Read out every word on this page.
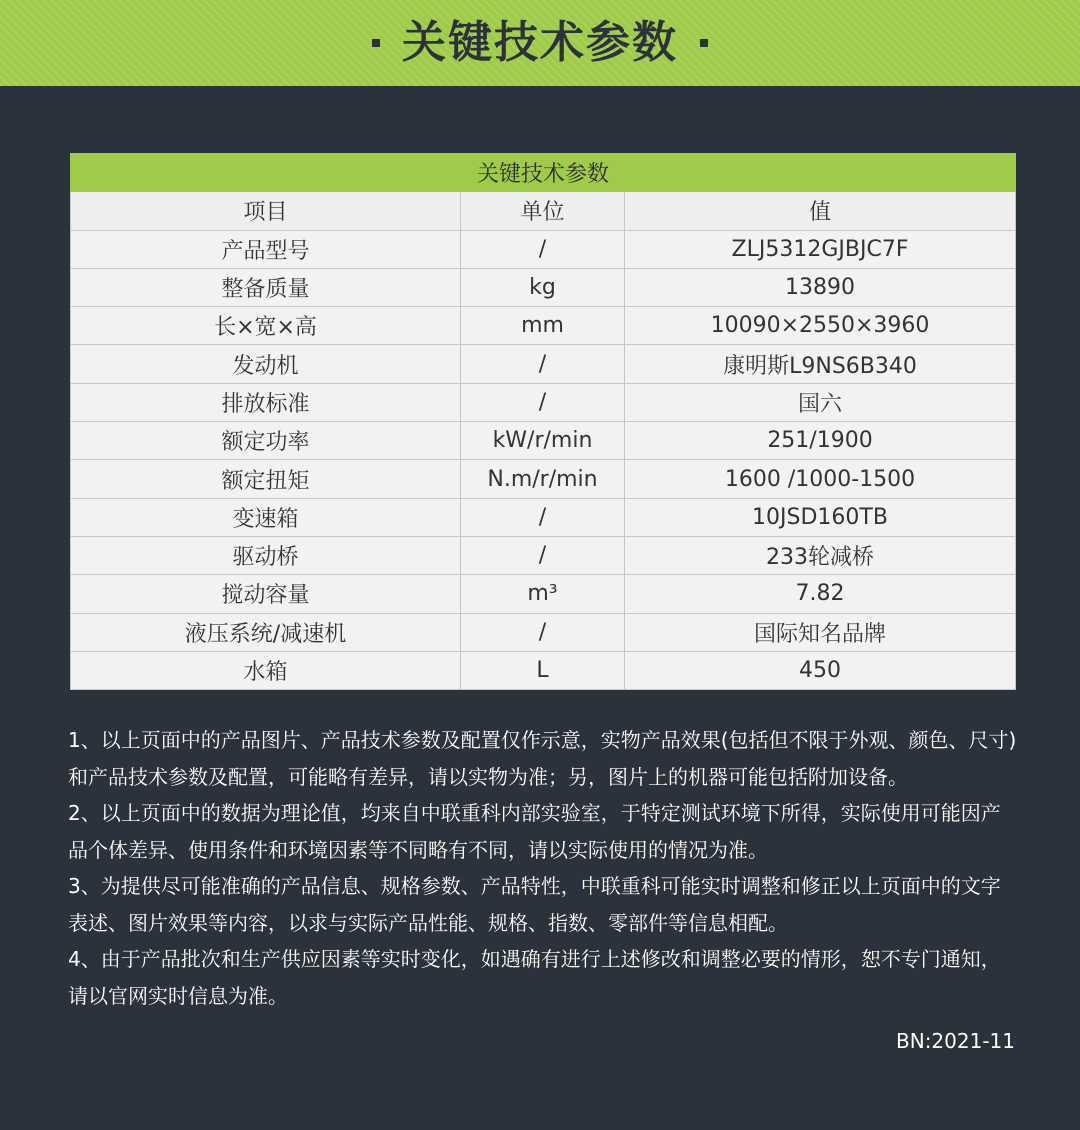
关键技术参数
关键技术参数		
项目	单位	值
产品型号	/	ZLJ5312GJBJC7F
整备质量	kg	13890
长×宽×高	mm	10090×2550×3960
发动机	/	康明斯L9NS6B340
排放标准	/	国六
额定功率	kW/r/min	251/1900
额定扭矩	N.m/r/min	1600 /1000-1500
变速箱	/	10JSD160TB
驱动桥	/	233轮减桥
搅动容量	m³	7.82
液压系统/减速机	/	国际知名品牌
水箱	L	450

1、以上页面中的产品图片、产品技术参数及配置仅作示意，实物产品效果(包括但不限于外观、颜色、尺寸)和产品技术参数及配置，可能略有差异，请以实物为准；另，图片上的机器可能包括附加设备。

2、以上页面中的数据为理论值，均来自中联重科内部实验室，于特定测试环境下所得，实际使用可能因产品个体差异、使用条件和环境因素等不同略有不同，请以实际使用的情况为准。

3、为提供尽可能准确的产品信息、规格参数、产品特性，中联重科可能实时调整和修正以上页面中的文字表述、图片效果等内容，以求与实际产品性能、规格、指数、零部件等信息相配。

4、由于产品批次和生产供应因素等实时变化，如遇确有进行上述修改和调整必要的情形，恕不专门通知，请以官网实时信息为准。

BN:2021-11
